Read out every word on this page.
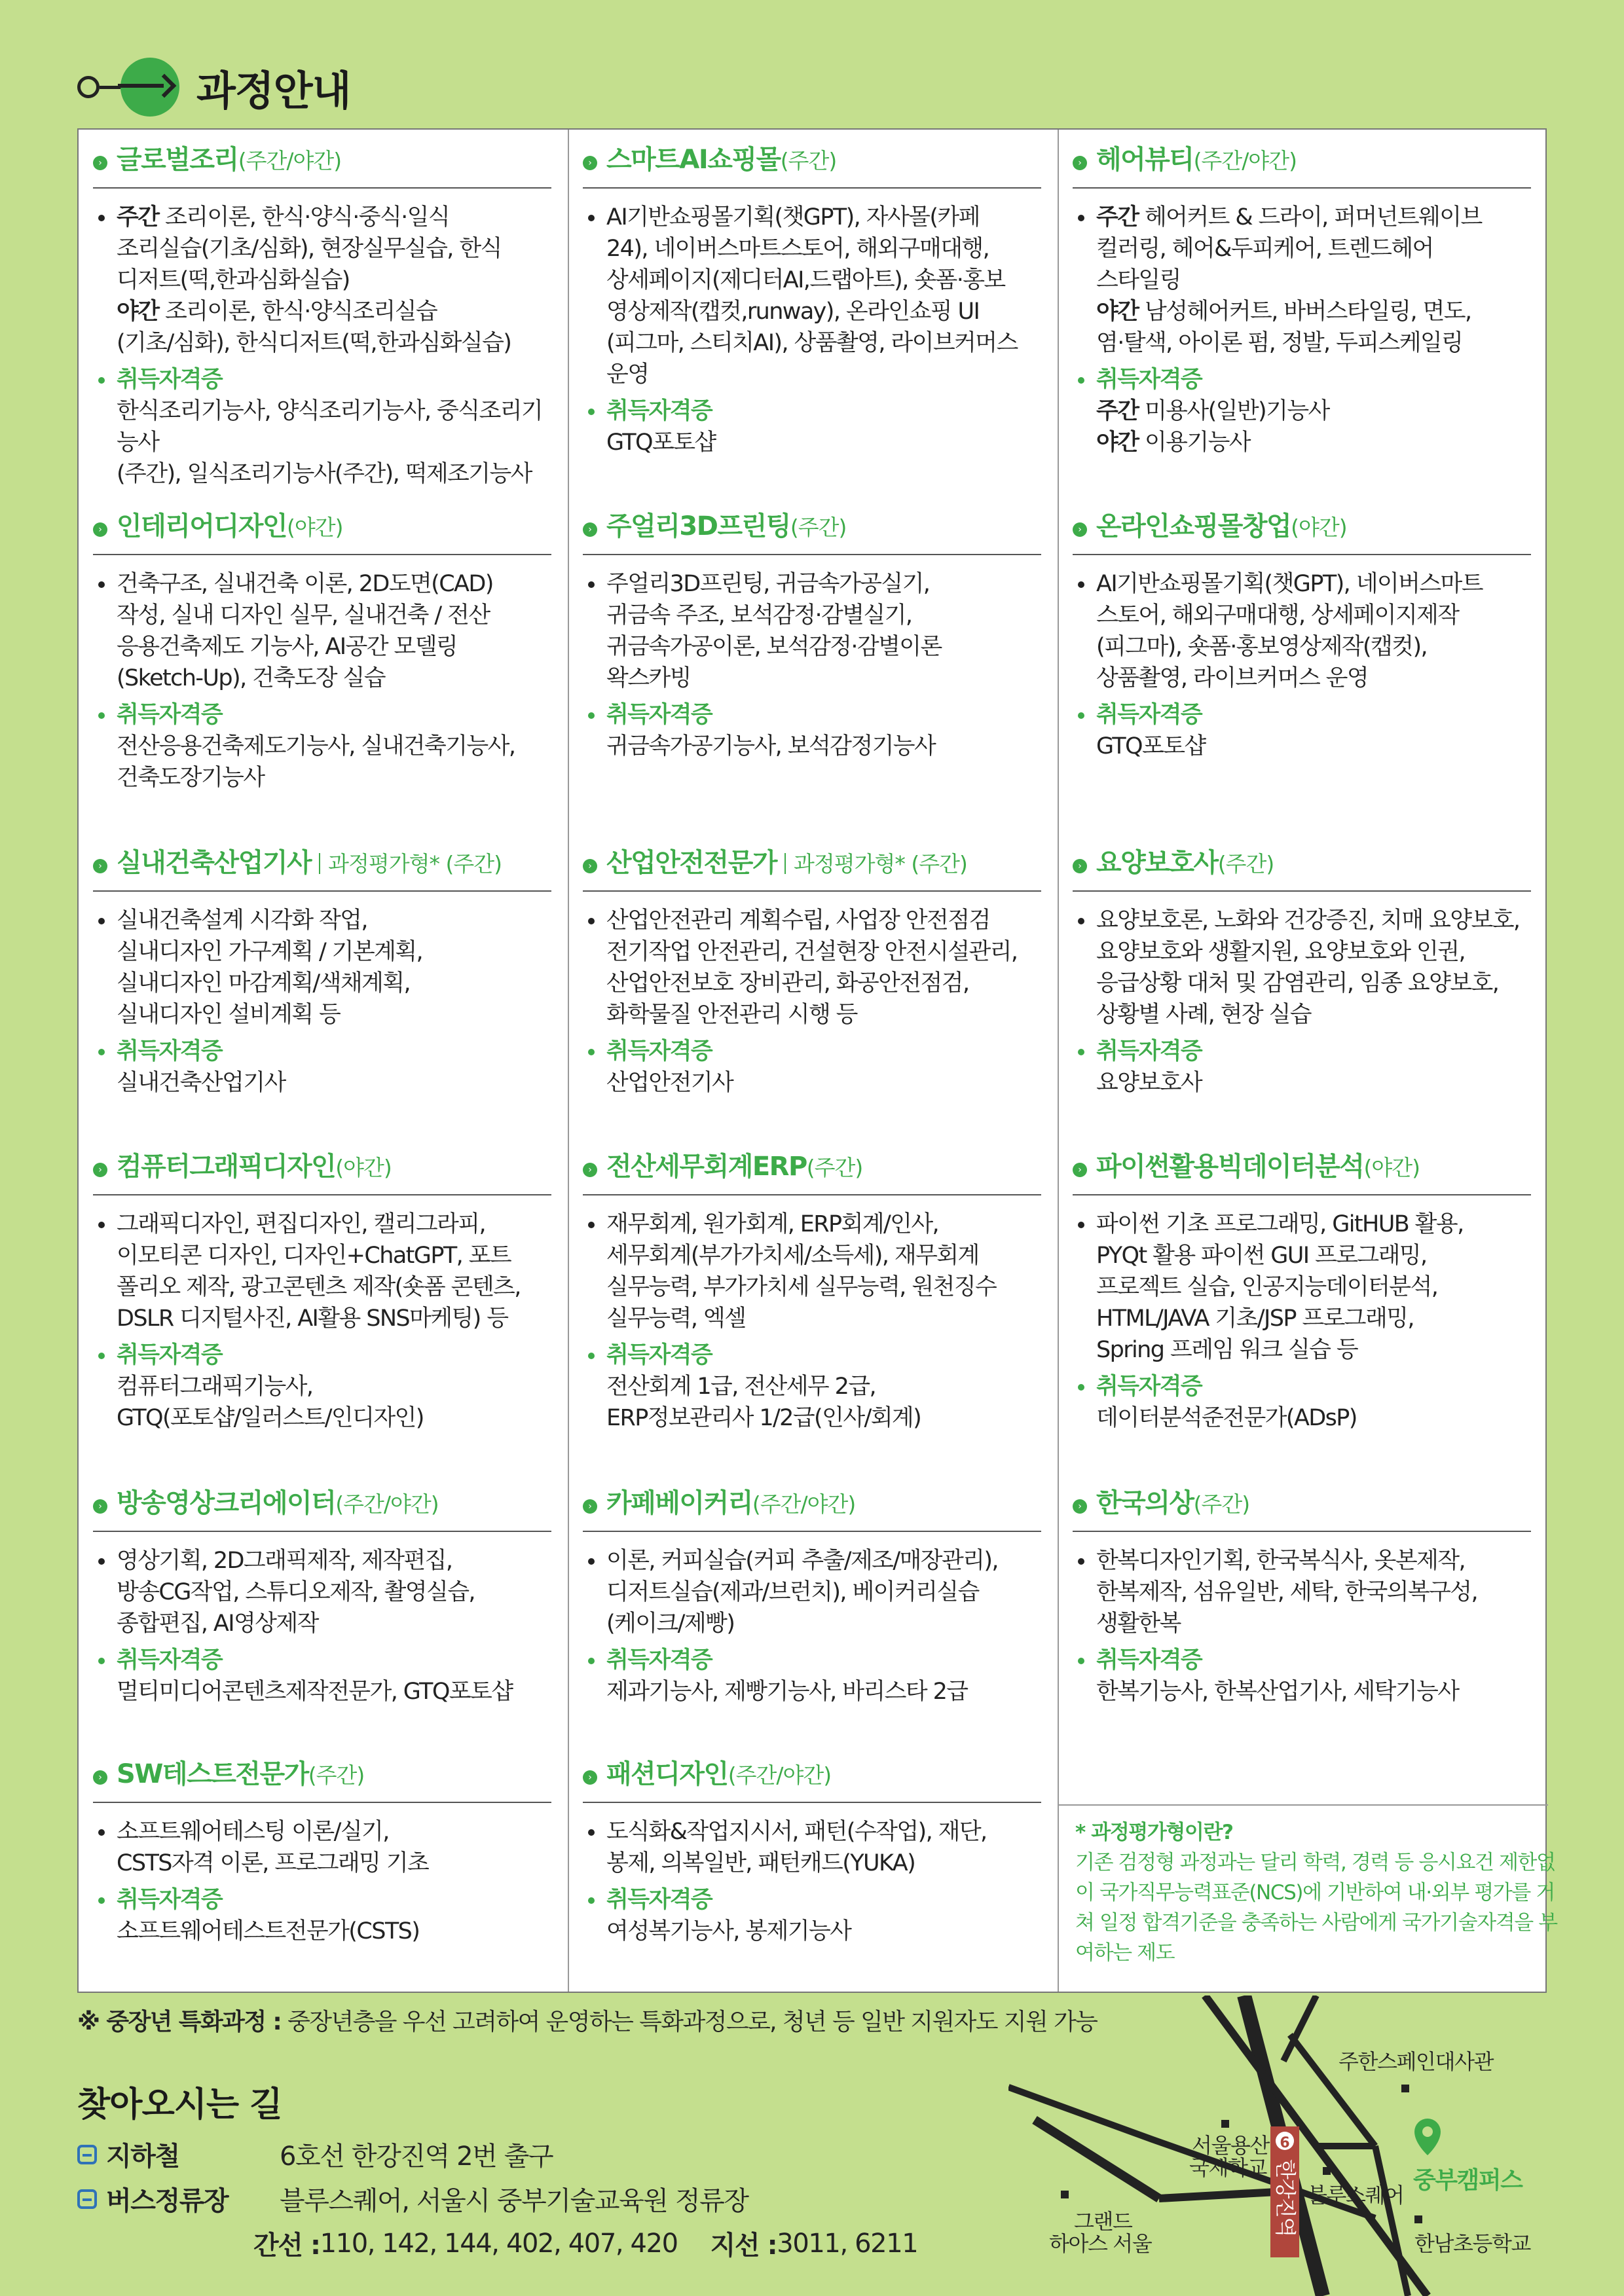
과정안내
› 글로벌조리 (주간/야간)
주간 조리이론, 한식·양식·중식·일식
조리실습(기초/심화), 현장실무실습, 한식
디저트(떡,한과심화실습)
야간 조리이론, 한식·양식조리실습
(기초/심화), 한식디저트(떡,한과심화실습)
취득자격증
한식조리기능사, 양식조리기능사, 중식조리기능사
(주간), 일식조리기능사(주간), 떡제조기능사
› 스마트AI쇼핑몰 (주간)
AI기반쇼핑몰기획(챗GPT), 자사몰(카페
24), 네이버스마트스토어, 해외구매대행,
상세페이지(제디터AI,드랩아트), 숏폼·홍보
영상제작(캡컷,runway), 온라인쇼핑 UI
(피그마, 스티치AI), 상품촬영, 라이브커머스
운영
취득자격증
GTQ포토샵
› 헤어뷰티 (주간/야간)
주간 헤어커트 & 드라이, 퍼머넌트웨이브
컬러링, 헤어&두피케어, 트렌드헤어
스타일링
야간 남성헤어커트, 바버스타일링, 면도,
염·탈색, 아이론 펌, 정발, 두피스케일링
취득자격증
주간 미용사(일반)기능사
야간 이용기능사
› 인테리어디자인 (야간)
건축구조, 실내건축 이론, 2D도면(CAD)
작성, 실내 디자인 실무, 실내건축 / 전산
응용건축제도 기능사, AI공간 모델링
(Sketch-Up), 건축도장 실습
취득자격증
전산응용건축제도기능사, 실내건축기능사,
건축도장기능사
› 주얼리3D프린팅 (주간)
주얼리3D프린팅, 귀금속가공실기,
귀금속 주조, 보석감정·감별실기,
귀금속가공이론, 보석감정·감별이론
왁스카빙
취득자격증
귀금속가공기능사, 보석감정기능사
› 온라인쇼핑몰창업 (야간)
AI기반쇼핑몰기획(챗GPT), 네이버스마트
스토어, 해외구매대행, 상세페이지제작
(피그마), 숏폼·홍보영상제작(캡컷),
상품촬영, 라이브커머스 운영
취득자격증
GTQ포토샵
› 실내건축산업기사 과정평가형* (주간)
실내건축설계 시각화 작업,
실내디자인 가구계획 / 기본계획,
실내디자인 마감계획/색채계획,
실내디자인 설비계획 등
취득자격증
실내건축산업기사
› 산업안전전문가 과정평가형* (주간)
산업안전관리 계획수립, 사업장 안전점검
전기작업 안전관리, 건설현장 안전시설관리,
산업안전보호 장비관리, 화공안전점검,
화학물질 안전관리 시행 등
취득자격증
산업안전기사
› 요양보호사 (주간)
요양보호론, 노화와 건강증진, 치매 요양보호,
요양보호와 생활지원, 요양보호와 인권,
응급상황 대처 및 감염관리, 임종 요양보호,
상황별 사례, 현장 실습
취득자격증
요양보호사
› 컴퓨터그래픽디자인 (야간)
그래픽디자인, 편집디자인, 캘리그라피,
이모티콘 디자인, 디자인+ChatGPT, 포트
폴리오 제작, 광고콘텐츠 제작(숏폼 콘텐츠,
DSLR 디지털사진, AI활용 SNS마케팅) 등
취득자격증
컴퓨터그래픽기능사,
GTQ(포토샵/일러스트/인디자인)
› 전산세무회계ERP (주간)
재무회계, 원가회계, ERP회계/인사,
세무회계(부가가치세/소득세), 재무회계
실무능력, 부가가치세 실무능력, 원천징수
실무능력, 엑셀
취득자격증
전산회계 1급, 전산세무 2급,
ERP정보관리사 1/2급(인사/회계)
› 파이썬활용빅데이터분석 (야간)
파이썬 기초 프로그래밍, GitHUB 활용,
PYQt 활용 파이썬 GUI 프로그래밍,
프로젝트 실습, 인공지능데이터분석,
HTML/JAVA 기초/JSP 프로그래밍,
Spring 프레임 워크 실습 등
취득자격증
데이터분석준전문가(ADsP)
› 방송영상크리에이터 (주간/야간)
영상기획, 2D그래픽제작, 제작편집,
방송CG작업, 스튜디오제작, 촬영실습,
종합편집, AI영상제작
취득자격증
멀티미디어콘텐츠제작전문가, GTQ포토샵
› 카페베이커리 (주간/야간)
이론, 커피실습(커피 추출/제조/매장관리),
디저트실습(제과/브런치), 베이커리실습
(케이크/제빵)
취득자격증
제과기능사, 제빵기능사, 바리스타 2급
› 한국의상 (주간)
한복디자인기획, 한국복식사, 옷본제작,
한복제작, 섬유일반, 세탁, 한국의복구성,
생활한복
취득자격증
한복기능사, 한복산업기사, 세탁기능사
› SW테스트전문가 (주간)
소프트웨어테스팅 이론/실기,
CSTS자격 이론, 프로그래밍 기초
취득자격증
소프트웨어테스트전문가(CSTS)
› 패션디자인 (주간/야간)
도식화&작업지시서, 패턴(수작업), 재단,
봉제, 의복일반, 패턴캐드(YUKA)
취득자격증
여성복기능사, 봉제기능사
* 과정평가형이란?
기존 검정형 과정과는 달리 학력, 경력 등 응시요건 제한없이 국가직무능력표준(NCS)에 기반하여 내·외부 평가를 거쳐 일정 합격기준을 충족하는 사람에게 국가기술자격을 부여하는 제도
※ 중장년 특화과정 : 중장년층을 우선 고려하여 운영하는 특화과정으로, 청년 등 일반 지원자도 지원 가능
찾아오시는 길
지하철	6호선 한강진역 2번 출구
버스정류장	블루스퀘어, 서울시 중부기술교육원 정류장
간선 : 110, 142, 144, 402, 407, 420 지선 : 3011, 6211
6
한강진역
서울용산
국제학교
블루스퀘어
주한스페인대사관
중부캠퍼스
그랜드
하아스 서울	한남초등학교
